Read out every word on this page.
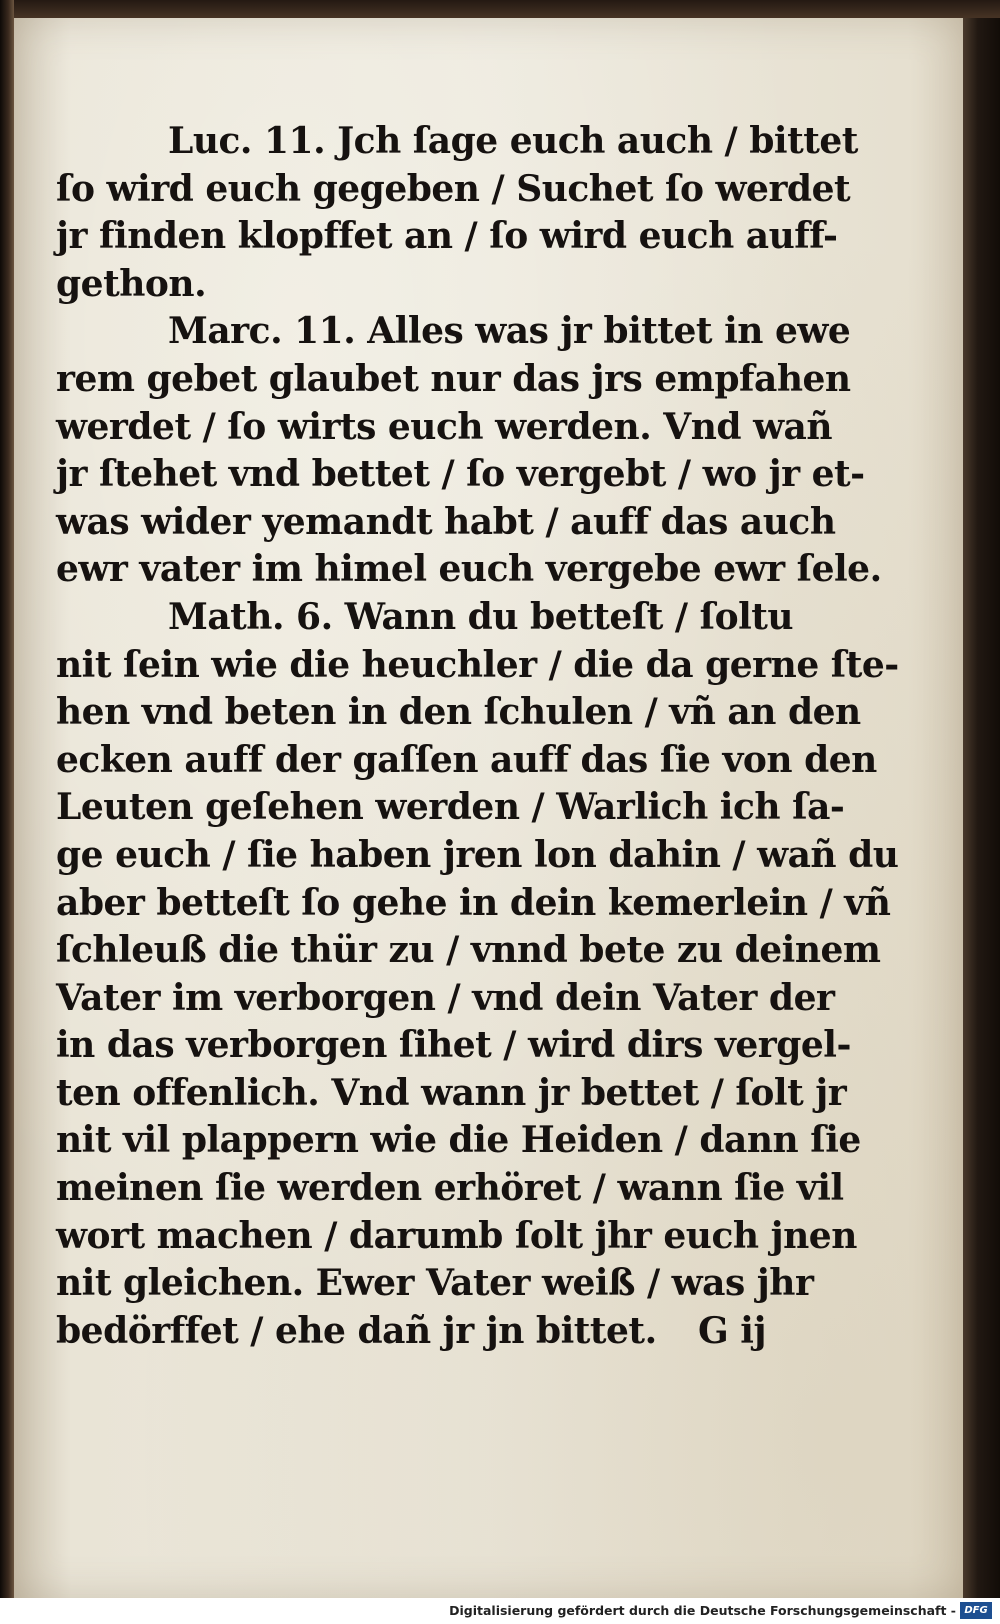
Luc. 11. Jch ſage euch auch / bittet
ſo wird euch gegeben / Suchet ſo werdet
jr finden klopffet an / ſo wird euch auff-
gethon.
Marc. 11. Alles was jr bittet in ewe
rem gebet glaubet nur das jrs empfahen
werdet / ſo wirts euch werden. Vnd wañ
jr ſtehet vnd bettet / ſo vergebt / wo jr et-
was wider yemandt habt / auff das auch
ewr vater im himel euch vergebe ewr ſele.
Math. 6. Wann du betteſt / ſoltu
nit ſein wie die heuchler / die da gerne ſte-
hen vnd beten in den ſchulen / vñ an den
ecken auff der gaſſen auff das ſie von den
Leuten geſehen werden / Warlich ich ſa-
ge euch / ſie haben jren lon dahin / wañ du
aber betteſt ſo gehe in dein kemerlein / vñ
ſchleuß die thür zu / vnnd bete zu deinem
Vater im verborgen / vnd dein Vater der
in das verborgen ſihet / wird dirs vergel-
ten offenlich. Vnd wann jr bettet / ſolt jr
nit vil plappern wie die Heiden / dann ſie
meinen ſie werden erhöret / wann ſie vil
wort machen / darumb ſolt jhr euch jnen
nit gleichen. Ewer Vater weiß / was jhr
bedörffet / ehe dañ jr jn bittet. G ij
Digitalisierung gefördert durch die Deutsche Forschungsgemeinschaft - DFG
